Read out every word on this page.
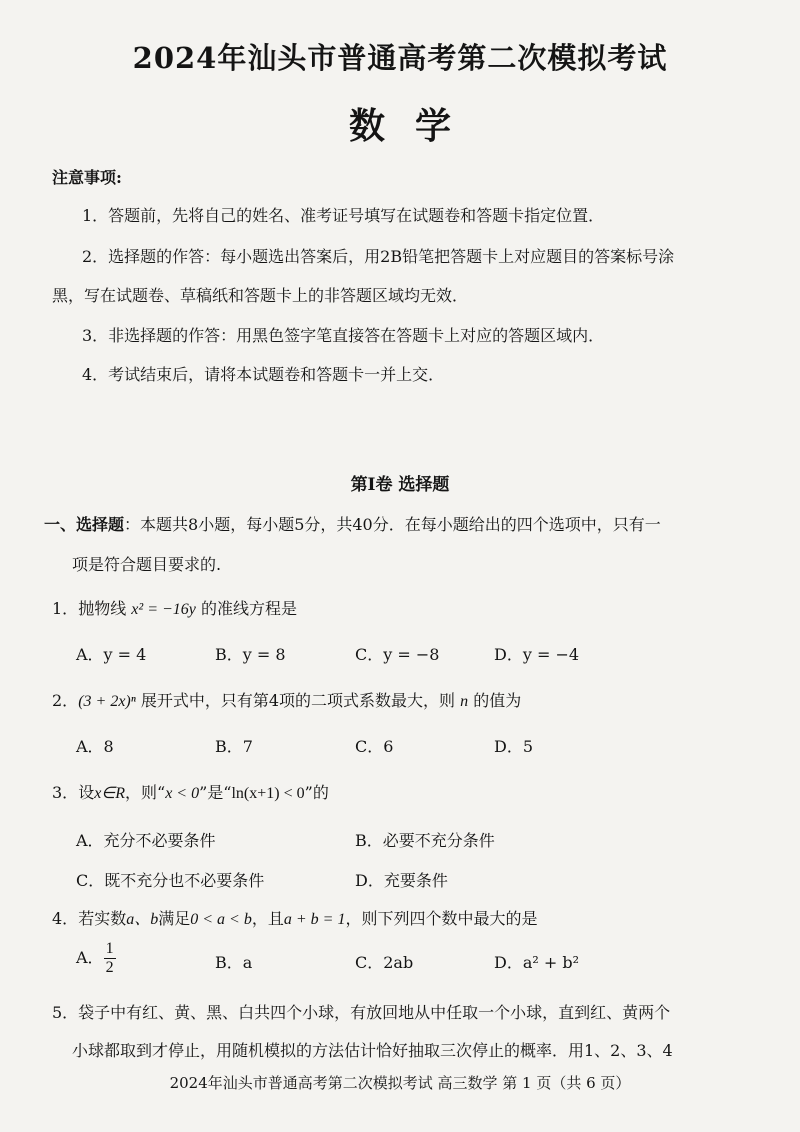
2024年汕头市普通高考第二次模拟考试
数学
注意事项:
1．答题前，先将自己的姓名、准考证号填写在试题卷和答题卡指定位置．
2．选择题的作答：每小题选出答案后，用2B铅笔把答题卡上对应题目的答案标号涂
黑，写在试题卷、草稿纸和答题卡上的非答题区域均无效．
3．非选择题的作答：用黑色签字笔直接答在答题卡上对应的答题区域内．
4．考试结束后，请将本试题卷和答题卡一并上交．
第Ⅰ卷 选择题
一、选择题：本题共8小题，每小题5分，共40分．在每小题给出的四个选项中，只有一
项是符合题目要求的.
1．抛物线 x² = −16y 的准线方程是
A．y = 4	B．y = 8	C．y = −8	D．y = −4
2．(3 + 2x)ⁿ 展开式中，只有第4项的二项式系数最大，则 n 的值为
A．8	B．7	C．6	D．5
3．设x∈R，则“x < 0”是“ln(x+1) < 0”的
A．充分不必要条件	B．必要不充分条件
C．既不充分也不必要条件	D．充要条件
4．若实数a、b满足0 < a < b，且a + b = 1，则下列四个数中最大的是
A． $\frac{1}{2}$	B．a	C．2ab	D．a² + b²
5．袋子中有红、黄、黑、白共四个小球，有放回地从中任取一个小球，直到红、黄两个
小球都取到才停止，用随机模拟的方法估计恰好抽取三次停止的概率．用1、2、3、4
2024年汕头市普通高考第二次模拟考试 高三数学 第 1 页（共 6 页）
